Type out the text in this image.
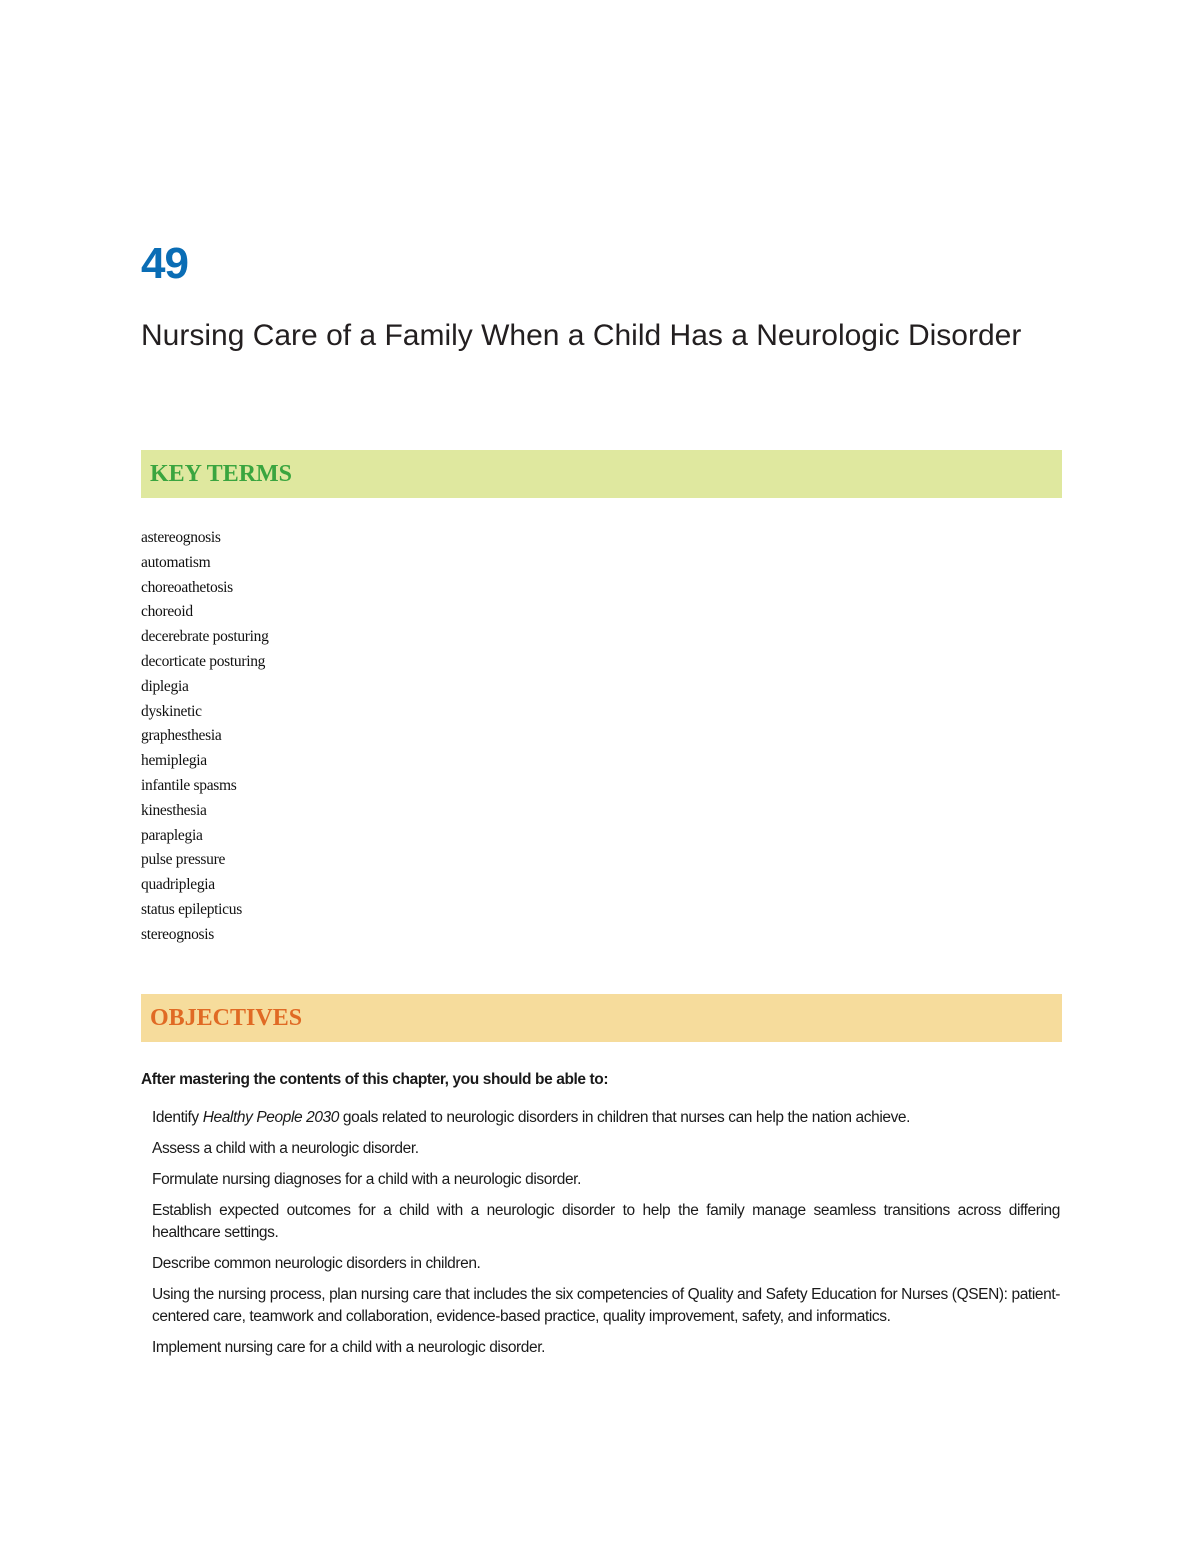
49
Nursing Care of a Family When a Child Has a Neurologic Disorder
KEY TERMS
astereognosis
automatism
choreoathetosis
choreoid
decerebrate posturing
decorticate posturing
diplegia
dyskinetic
graphesthesia
hemiplegia
infantile spasms
kinesthesia
paraplegia
pulse pressure
quadriplegia
status epilepticus
stereognosis
OBJECTIVES
After mastering the contents of this chapter, you should be able to:
Identify Healthy People 2030 goals related to neurologic disorders in children that nurses can help the nation achieve.
Assess a child with a neurologic disorder.
Formulate nursing diagnoses for a child with a neurologic disorder.
Establish expected outcomes for a child with a neurologic disorder to help the family manage seamless transitions across differing healthcare settings.
Describe common neurologic disorders in children.
Using the nursing process, plan nursing care that includes the six competencies of Quality and Safety Education for Nurses (QSEN): patient-centered care, teamwork and collaboration, evidence-based practice, quality improvement, safety, and informatics.
Implement nursing care for a child with a neurologic disorder.
